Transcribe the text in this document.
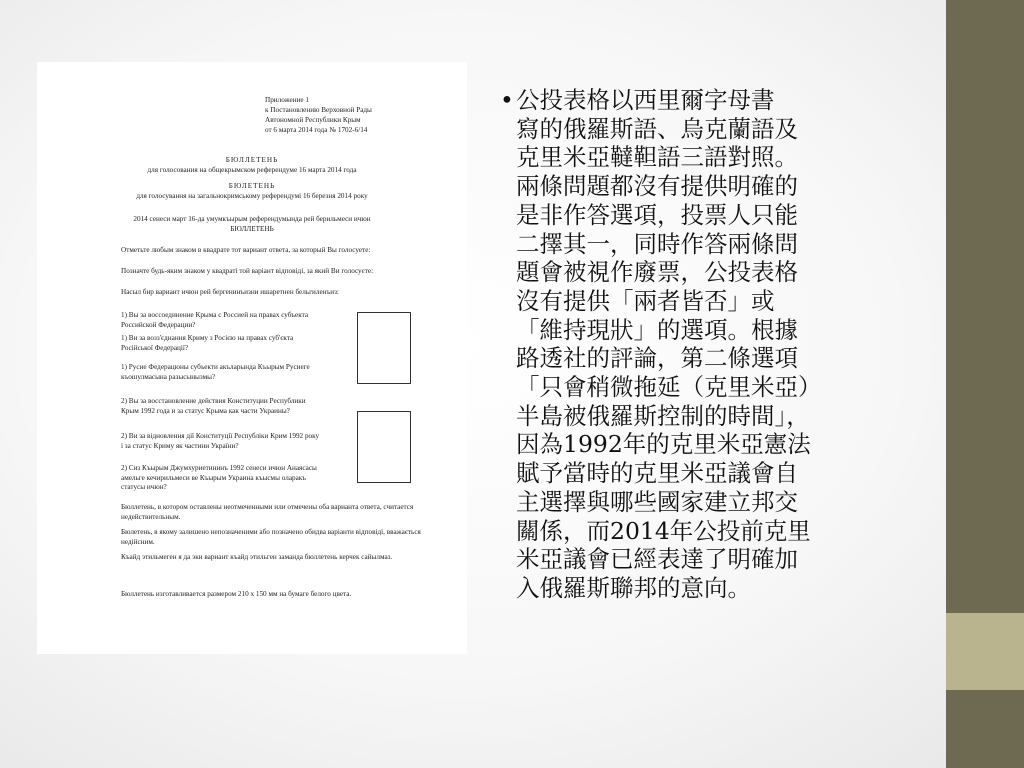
Приложение 1
к Постановлению Верховной Рады
Автономной Республики Крым
от 6 марта 2014 года № 1702-6/14
БЮЛЛЕТЕНЬ
для голосования на общекрымском референдуме 16 марта 2014 года
БЮЛЕТЕНЬ
для голосування на загальнокримському референдумі 16 березня 2014 року
2014 сенеси март 16-да умумкъырым референдумында рей берильмеси ичюн
БЮЛЛЕТЕНЬ
Отметьте любым знаком в квадрате тот вариант ответа, за который Вы голосуете:
Позначте будь-яким знаком у квадраті той варіант відповіді, за який Ви голосуєте:
Насыл бир вариант ичюн рей бергенинъизни ишаретнен бельгиленъиз:
1) Вы за воссоединение Крыма с Россией на правах субъекта Российской Федерации?
1) Ви за возз'єднання Криму з Росією на правах суб'єкта Російської Федерації?
1) Русие Федерацюны субъекти акъларында Къырым Русиеге къошулмасына разысынызмы?
2) Вы за восстановление действия Конституции Республики Крым 1992 года и за статус Крыма как части Украины?
2) Ви за відновлення дії Конституції Республіки Крим 1992 року і за статус Криму як частини України?
2) Сиз Къырым Джумхуриетининъ 1992 сенеси ичюн Анаясасы амельге кечирильмеси ве Къырым Украина къысмы оларакъ статусы ичюн?
Бюллетень, в котором оставлены неотмеченными или отмечены оба варианта ответа, считается недействительным.
Бюлетень, в якому залишено непозначеними або позначено обидва варіанти відповіді, вважається недійсним.
Къайд этильмеген я да эки вариант къайд этильген заманда бюллетень керчек сайылмаз.
Бюллетень изготавливается размером 210 х 150 мм на бумаге белого цвета.

•公投表格以西里爾字母書
寫的俄羅斯語、烏克蘭語及
克里米亞韃靼語三語對照。
兩條問題都沒有提供明確的
是非作答選項，投票人只能
二擇其一，同時作答兩條問
題會被視作廢票，公投表格
沒有提供「兩者皆否」或
「維持現狀」的選項。根據
路透社的評論，第二條選項
「只會稍微拖延（克里米亞）
半島被俄羅斯控制的時間」，
因為1992年的克里米亞憲法
賦予當時的克里米亞議會自
主選擇與哪些國家建立邦交
關係，而2014年公投前克里
米亞議會已經表達了明確加
入俄羅斯聯邦的意向。
